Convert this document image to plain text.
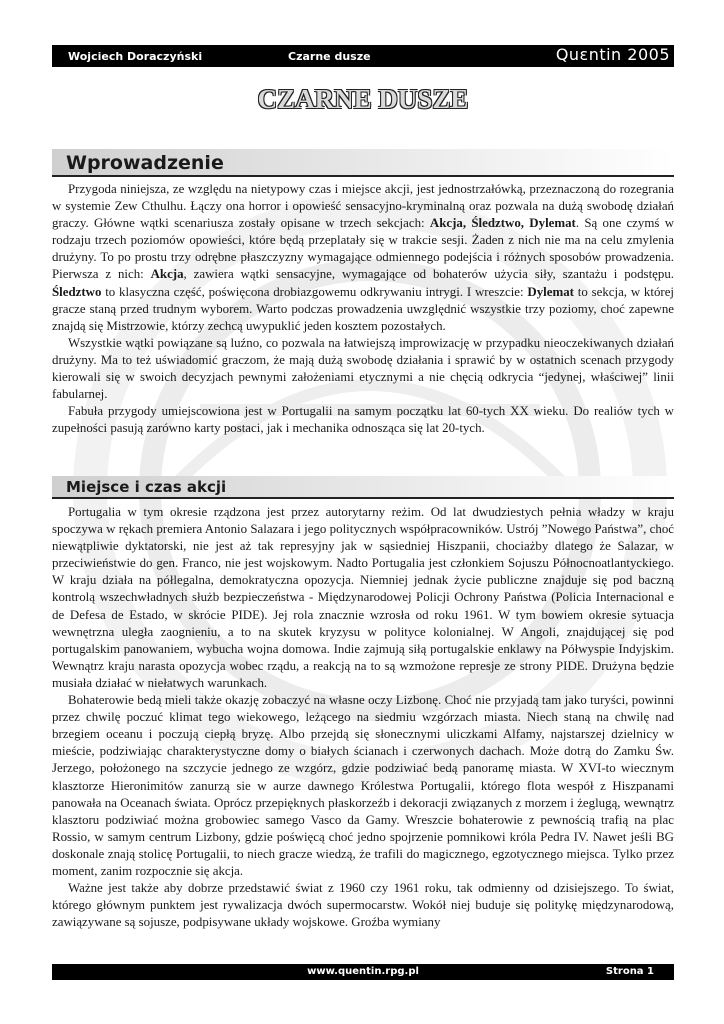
Wojciech Doraczyński	Czarne dusze	Quɛntin 2005
CZARNE DUSZE
Wprowadzenie

Przygoda niniejsza, ze względu na nietypowy czas i miejsce akcji, jest jednostrzałówką, przeznaczoną do rozegrania w systemie Zew Cthulhu. Łączy ona horror i opowieść sensacyjno-kryminalną oraz pozwala na dużą swobodę działań graczy. Główne wątki scenariusza zostały opisane w trzech sekcjach: Akcja, Śledztwo, Dylemat. Są one czymś w rodzaju trzech poziomów opowieści, które będą przeplatały się w trakcie sesji. Żaden z nich nie ma na celu zmylenia drużyny. To po prostu trzy odrębne płaszczyzny wymagające odmiennego podejścia i różnych sposobów prowadzenia. Pierwsza z nich: Akcja, zawiera wątki sensacyjne, wymagające od bohaterów użycia siły, szantażu i podstępu. Śledztwo to klasyczna część, poświęcona drobiazgowemu odkrywaniu intrygi. I wreszcie: Dylemat to sekcja, w której gracze staną przed trudnym wyborem. Warto podczas prowadzenia uwzględnić wszystkie trzy poziomy, choć zapewne znajdą się Mistrzowie, którzy zechcą uwypuklić jeden kosztem pozostałych.

Wszystkie wątki powiązane są luźno, co pozwala na łatwiejszą improwizację w przypadku nieoczekiwanych działań drużyny. Ma to też uświadomić graczom, że mają dużą swobodę działania i sprawić by w ostatnich scenach przygody kierowali się w swoich decyzjach pewnymi założeniami etycznymi a nie chęcią odkrycia “jedynej, właściwej” linii fabularnej.

Fabuła przygody umiejscowiona jest w Portugalii na samym początku lat 60-tych XX wieku. Do realiów tych w zupełności pasują zarówno karty postaci, jak i mechanika odnosząca się lat 20-tych.

Miejsce i czas akcji

Portugalia w tym okresie rządzona jest przez autorytarny reżim. Od lat dwudziestych pełnia władzy w kraju spoczywa w rękach premiera Antonio Salazara i jego politycznych współpracowników. Ustrój ”Nowego Państwa”, choć niewątpliwie dyktatorski, nie jest aż tak represyjny jak w sąsiedniej Hiszpanii, chociażby dlatego że Salazar, w przeciwieństwie do gen. Franco, nie jest wojskowym. Nadto Portugalia jest członkiem Sojuszu Północnoatlantyckiego. W kraju działa na półlegalna, demokratyczna opozycja. Niemniej jednak życie publiczne znajduje się pod baczną kontrolą wszechwładnych służb bezpieczeństwa - Międzynarodowej Policji Ochrony Państwa (Policia Internacional e de Defesa de Estado, w skrócie PIDE). Jej rola znacznie wzrosła od roku 1961. W tym bowiem okresie sytuacja wewnętrzna uległa zaognieniu, a to na skutek kryzysu w polityce kolonialnej. W Angoli, znajdującej się pod portugalskim panowaniem, wybucha wojna domowa. Indie zajmują siłą portugalskie enklawy na Półwyspie Indyjskim. Wewnątrz kraju narasta opozycja wobec rządu, a reakcją na to są wzmożone represje ze strony PIDE. Drużyna będzie musiała działać w niełatwych warunkach.

Bohaterowie bedą mieli także okazję zobaczyć na własne oczy Lizbonę. Choć nie przyjadą tam jako turyści, powinni przez chwilę poczuć klimat tego wiekowego, leżącego na siedmiu wzgórzach miasta. Niech staną na chwilę nad brzegiem oceanu i poczują ciepłą bryzę. Albo przejdą się słonecznymi uliczkami Alfamy, najstarszej dzielnicy w mieście, podziwiając charakterystyczne domy o białych ścianach i czerwonych dachach. Może dotrą do Zamku Św. Jerzego, położonego na szczycie jednego ze wzgórz, gdzie podziwiać bedą panoramę miasta. W XVI-to wiecznym klasztorze Hieronimitów zanurzą sie w aurze dawnego Królestwa Portugalii, którego flota wespół z Hiszpanami panowała na Oceanach świata. Oprócz przepięknych płaskorzeźb i dekoracji związanych z morzem i żeglugą, wewnątrz klasztoru podziwiać można grobowiec samego Vasco da Gamy. Wreszcie bohaterowie z pewnością trafią na plac Rossio, w samym centrum Lizbony, gdzie poświęcą choć jedno spojrzenie pomnikowi króla Pedra IV. Nawet jeśli BG doskonale znają stolicę Portugalii, to niech gracze wiedzą, że trafili do magicznego, egzotycznego miejsca. Tylko przez moment, zanim rozpocznie się akcja.

Ważne jest także aby dobrze przedstawić świat z 1960 czy 1961 roku, tak odmienny od dzisiejszego. To świat, którego głównym punktem jest rywalizacja dwóch supermocarstw. Wokół niej buduje się politykę międzynarodową, zawiązywane są sojusze, podpisywane układy wojskowe. Groźba wymiany

www.quentin.rpg.pl	Strona 1
